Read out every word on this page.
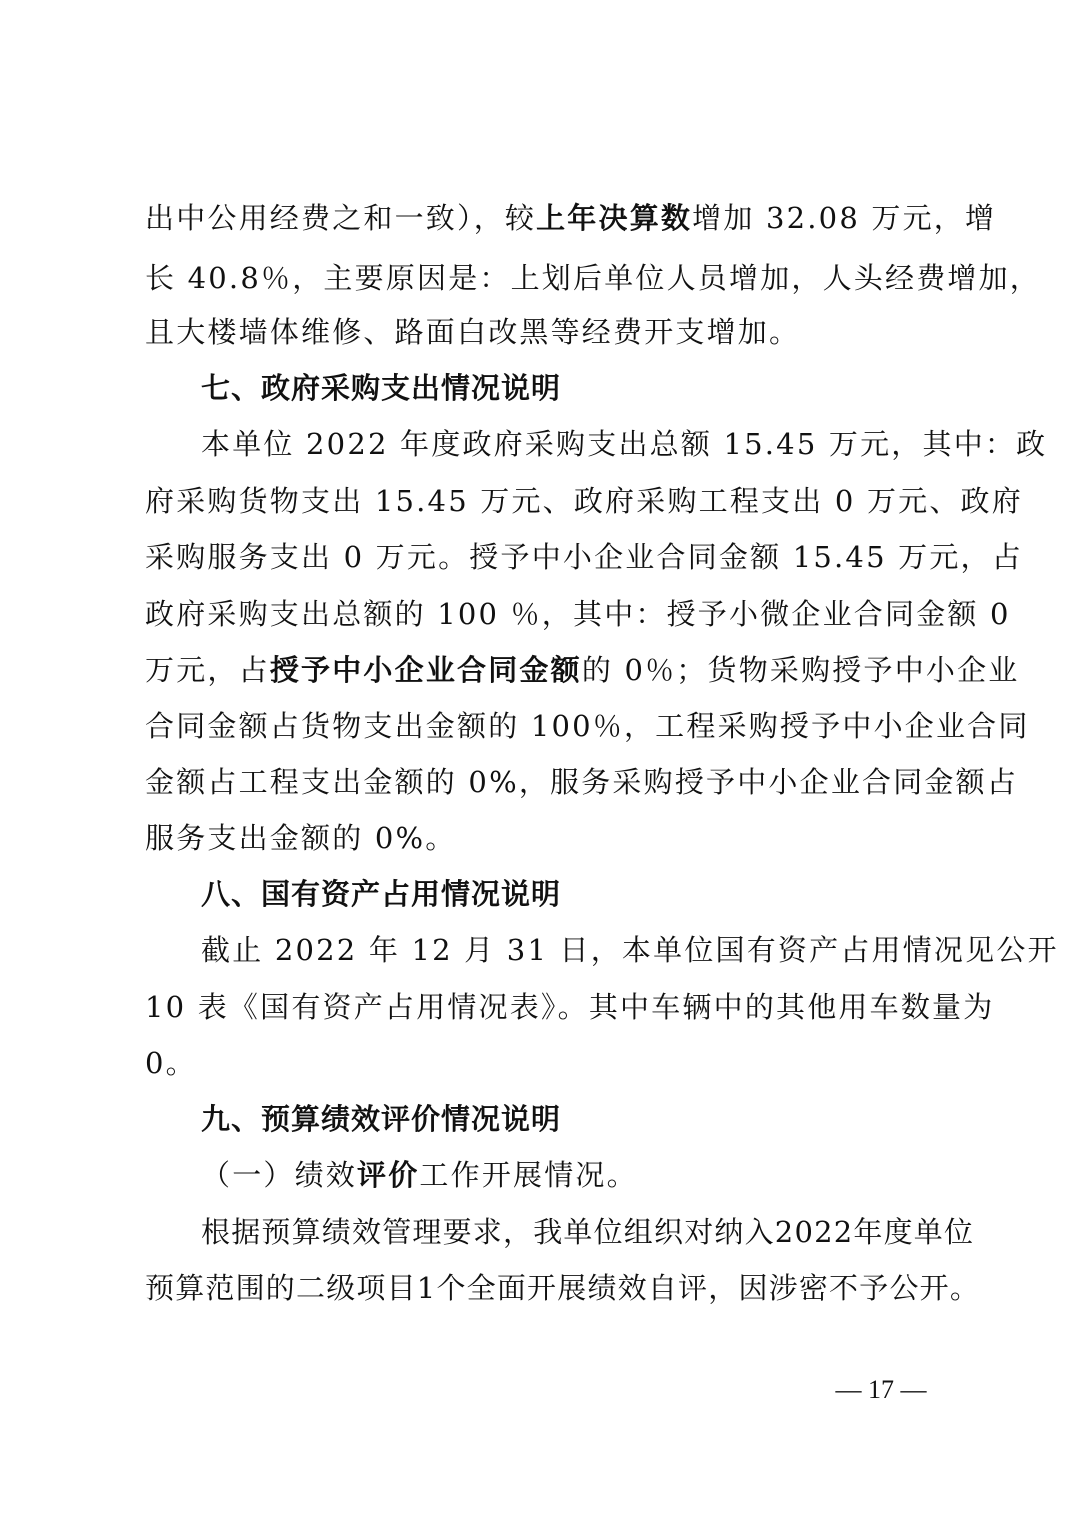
出中公用经费之和一致），较上年决算数增加 32.08 万元，增
长 40.8％，主要原因是：上划后单位人员增加，人头经费增加，
且大楼墙体维修、路面白改黑等经费开支增加。
七、政府采购支出情况说明
本单位 2022 年度政府采购支出总额 15.45 万元，其中：政
府采购货物支出 15.45 万元、政府采购工程支出 0 万元、政府
采购服务支出 0 万元。授予中小企业合同金额 15.45 万元，占
政府采购支出总额的 100 ％，其中：授予小微企业合同金额 0
万元，占授予中小企业合同金额的 0％；货物采购授予中小企业
合同金额占货物支出金额的 100％，工程采购授予中小企业合同
金额占工程支出金额的 0%，服务采购授予中小企业合同金额占
服务支出金额的 0%。
八、国有资产占用情况说明
截止 2022 年 12 月 31 日，本单位国有资产占用情况见公开
10 表《国有资产占用情况表》。其中车辆中的其他用车数量为
0。
九、预算绩效评价情况说明
（一）绩效评价工作开展情况。
根据预算绩效管理要求，我单位组织对纳入2022年度单位
预算范围的二级项目1个全面开展绩效自评，因涉密不予公开。
— 17 —
